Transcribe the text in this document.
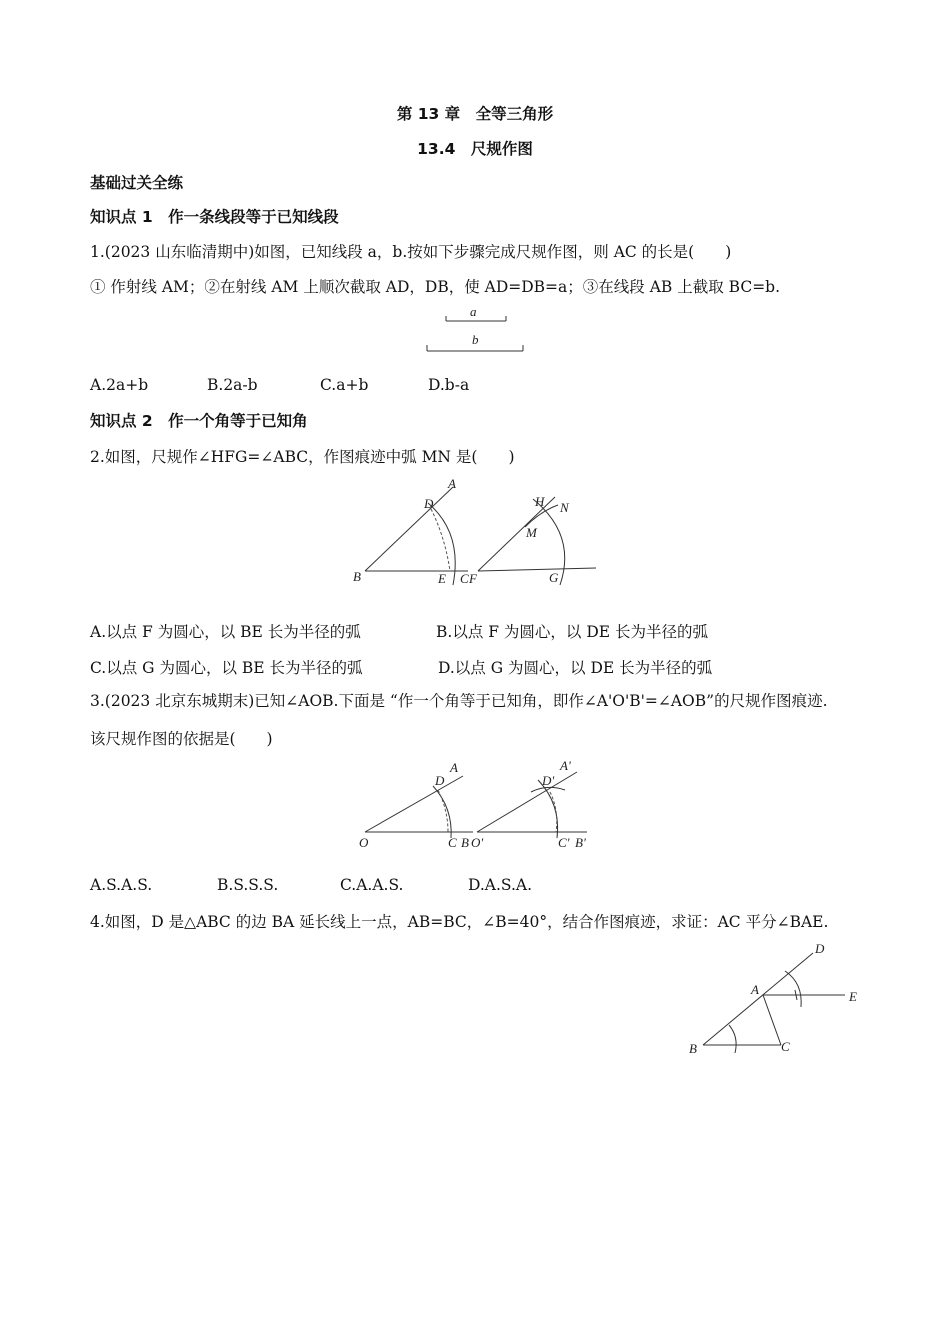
第 13 章　全等三角形
13.4　尺规作图
基础过关全练
知识点 1　作一条线段等于已知线段
1.(2023 山东临清期中)如图，已知线段 a，b.按如下步骤完成尺规作图，则 AC 的长是(　　)
① 作射线 AM；②在射线 AM 上顺次截取 AD，DB，使 AD=DB=a；③在线段 AB 上截取 BC=b.
a
b
A.2a+b	B.2a-b	C.a+b	D.b-a
知识点 2　作一个角等于已知角
2.如图，尺规作∠HFG=∠ABC，作图痕迹中弧 MN 是(　　)
A
D
B	E C F
H N
M
G
A.以点 F 为圆心，以 BE 长为半径的弧	B.以点 F 为圆心，以 DE 长为半径的弧
C.以点 G 为圆心，以 BE 长为半径的弧	D.以点 G 为圆心，以 DE 长为半径的弧
3.(2023 北京东城期末)已知∠AOB.下面是 “作一个角等于已知角，即作∠A'O'B'=∠AOB”的尺规作图痕迹.
该尺规作图的依据是(　　)
A
D
O	C B O'
A'
D'
C' B'
A.S.A.S.	B.S.S.S.	C.A.A.S.	D.A.S.A.
4.如图，D 是△ABC 的边 BA 延长线上一点，AB=BC，∠B=40°，结合作图痕迹，求证：AC 平分∠BAE.
D
A	E
B	C
